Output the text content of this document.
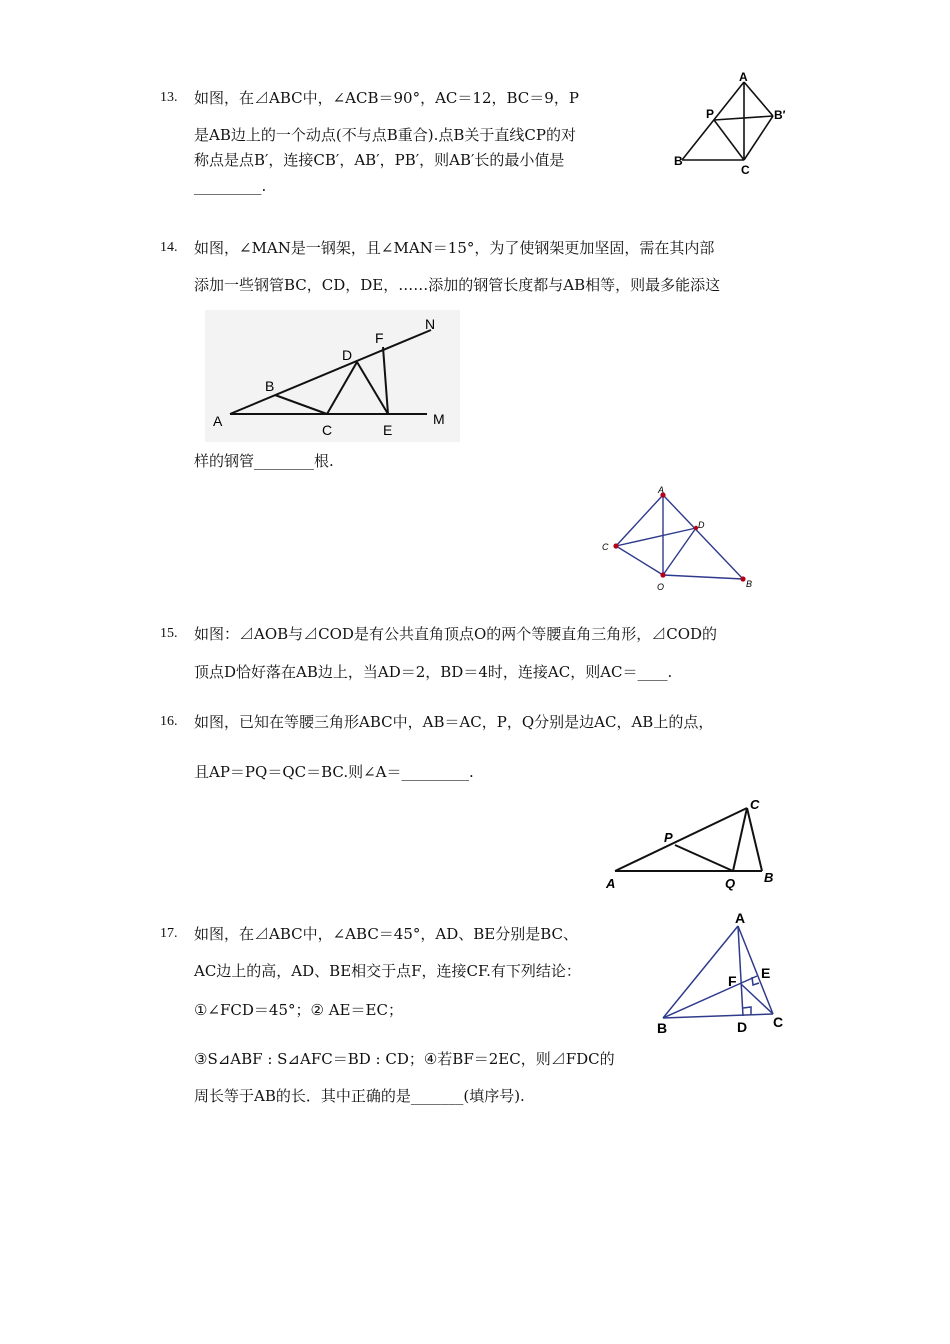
13. 如图，在⊿ABC中，∠ACB＝90°，AC＝12，BC＝9，P
是AB边上的一个动点(不与点B重合).点B关于直线CP的对
称点是点B′，连接CB′，AB′，PB′，则AB′长的最小值是
_________.
A
P	B′
B
C
14. 如图，∠MAN是一钢架，且∠MAN＝15°，为了使钢架更加坚固，需在其内部
添加一些钢管BC，CD，DE，……添加的钢管长度都与AB相等，则最多能添这
A
B
C
D
E
F
M
N
样的钢管________根.
A
C
D
O	B
15. 如图：⊿AOB与⊿COD是有公共直角顶点O的两个等腰直角三角形，⊿COD的
顶点D恰好落在AB边上，当AD＝2，BD＝4时，连接AC，则AC＝____.
16. 如图，已知在等腰三角形ABC中，AB＝AC，P，Q分别是边AC，AB上的点，
且AP＝PQ＝QC＝BC.则∠A＝_________.
A
P
Q B
C
17. 如图，在⊿ABC中，∠ABC＝45°，AD、BE分别是BC、
AC边上的高，AD、BE相交于点F，连接CF.有下列结论：
①∠FCD＝45°；② AE＝EC；
③S⊿ABF : S⊿AFC＝BD : CD；④若BF＝2EC，则⊿FDC的
周长等于AB的长．其中正确的是_______(填序号).
A
B	C
D
E
F
